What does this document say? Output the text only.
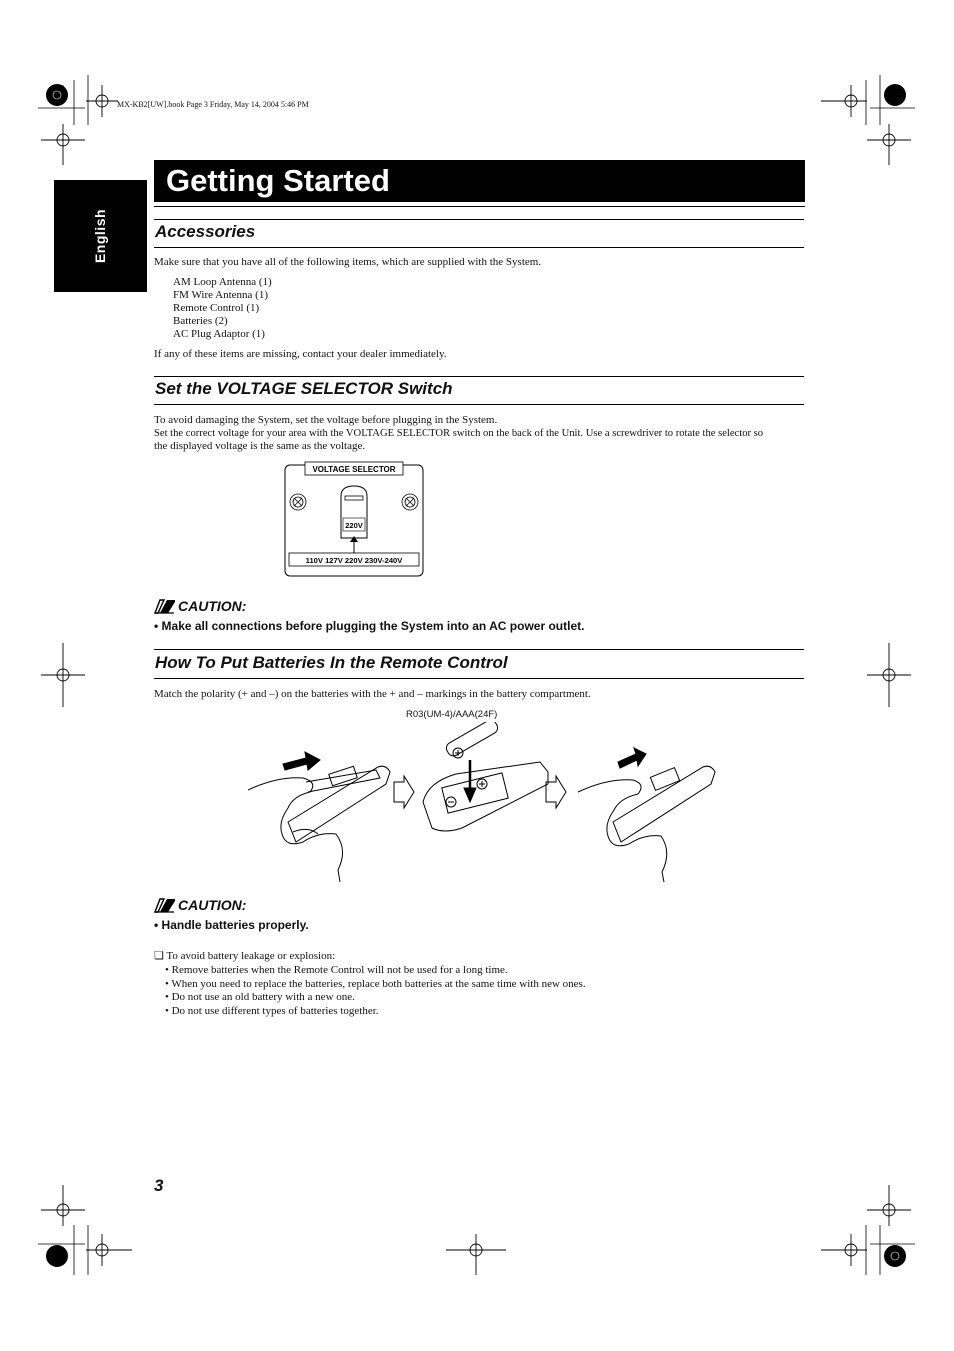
MX-KB2[UW].book Page 3 Friday, May 14, 2004 5:46 PM
English
Getting Started
Accessories
Make sure that you have all of the following items, which are supplied with the System.
AM Loop Antenna (1)
FM Wire Antenna (1)
Remote Control (1)
Batteries (2)
AC Plug Adaptor (1)
If any of these items are missing, contact your dealer immediately.
Set the VOLTAGE SELECTOR Switch
To avoid damaging the System, set the voltage before plugging in the System.
Set the correct voltage for your area with the VOLTAGE SELECTOR switch on the back of the Unit. Use a screwdriver to rotate the selector so
the displayed voltage is the same as the voltage.
VOLTAGE SELECTOR
220V
110V 127V 220V 230V-240V
CAUTION:
• Make all connections before plugging the System into an AC power outlet.
How To Put Batteries In the Remote Control
Match the polarity (+ and –) on the batteries with the + and – markings in the battery compartment.
R03(UM-4)/AAA(24F)
CAUTION:
• Handle batteries properly.
❏ To avoid battery leakage or explosion:
• Remove batteries when the Remote Control will not be used for a long time.
• When you need to replace the batteries, replace both batteries at the same time with new ones.
• Do not use an old battery with a new one.
• Do not use different types of batteries together.
3
